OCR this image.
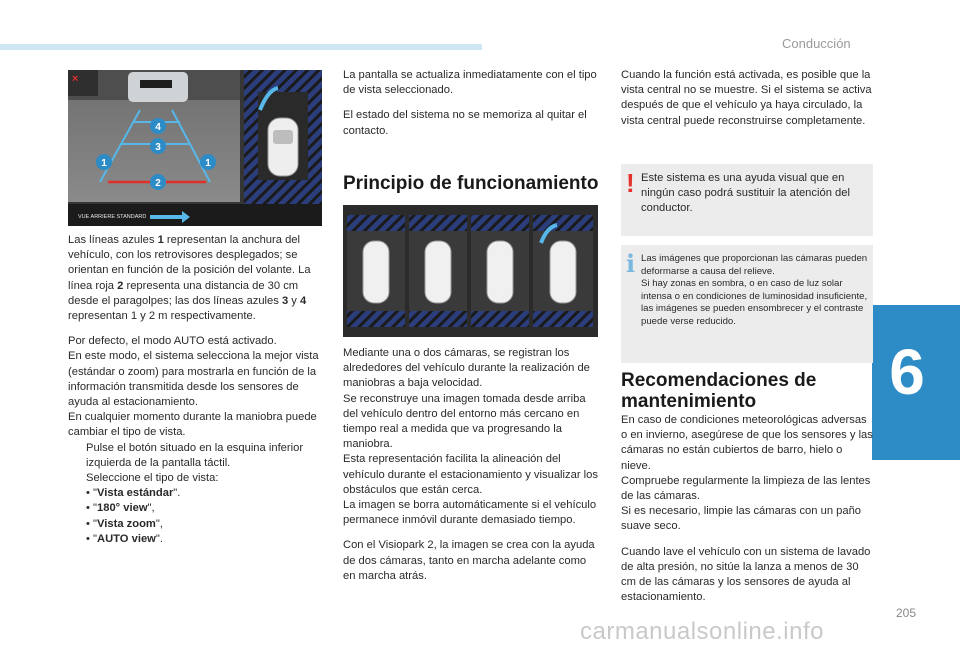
Conducción
6
×
4
3
1	1
2
VUE ARRIERE STANDARD

Las líneas azules 1 representan la anchura del vehículo, con los retrovisores desplegados; se orientan en función de la posición del volante. La línea roja 2 representa una distancia de 30 cm desde el paragolpes; las dos líneas azules 3 y 4 representan 1 y 2 m respectivamente.

Por defecto, el modo AUTO está activado.
En este modo, el sistema selecciona la mejor vista (estándar o zoom) para mostrarla en función de la información transmitida desde los sensores de ayuda al estacionamiento.
En cualquier momento durante la maniobra puede cambiar el tipo de vista.

Pulse el botón situado en la esquina inferior izquierda de la pantalla táctil.
Seleccione el tipo de vista:
• "Vista estándar".
• "180° view",
• "Vista zoom",
• "AUTO view".

La pantalla se actualiza inmediatamente con el tipo de vista seleccionado.

El estado del sistema no se memoriza al quitar el contacto.

Principio de funcionamiento

Mediante una o dos cámaras, se registran los alrededores del vehículo durante la realización de maniobras a baja velocidad.
Se reconstruye una imagen tomada desde arriba del vehículo dentro del entorno más cercano en tiempo real a medida que va progresando la maniobra.
Esta representación facilita la alineación del vehículo durante el estacionamiento y visualizar los obstáculos que están cerca.
La imagen se borra automáticamente si el vehículo permanece inmóvil durante demasiado tiempo.

Con el Visiopark 2, la imagen se crea con la ayuda de dos cámaras, tanto en marcha adelante como en marcha atrás.

Cuando la función está activada, es posible que la vista central no se muestre. Si el sistema se activa después de que el vehículo ya haya circulado, la vista central puede reconstruirse completamente.

! Este sistema es una ayuda visual que en ningún caso podrá sustituir la atención del conductor.
i Las imágenes que proporcionan las cámaras pueden deformarse a causa del relieve.
Si hay zonas en sombra, o en caso de luz solar intensa o en condiciones de luminosidad insuficiente, las imágenes se pueden ensombrecer y el contraste puede verse reducido.
Recomendaciones de mantenimiento

En caso de condiciones meteorológicas adversas o en invierno, asegúrese de que los sensores y las cámaras no están cubiertos de barro, hielo o nieve.
Compruebe regularmente la limpieza de las lentes de las cámaras.
Si es necesario, limpie las cámaras con un paño suave seco.

Cuando lave el vehículo con un sistema de lavado de alta presión, no sitúe la lanza a menos de 30 cm de las cámaras y los sensores de ayuda al estacionamiento.

205
carmanualsonline.info
